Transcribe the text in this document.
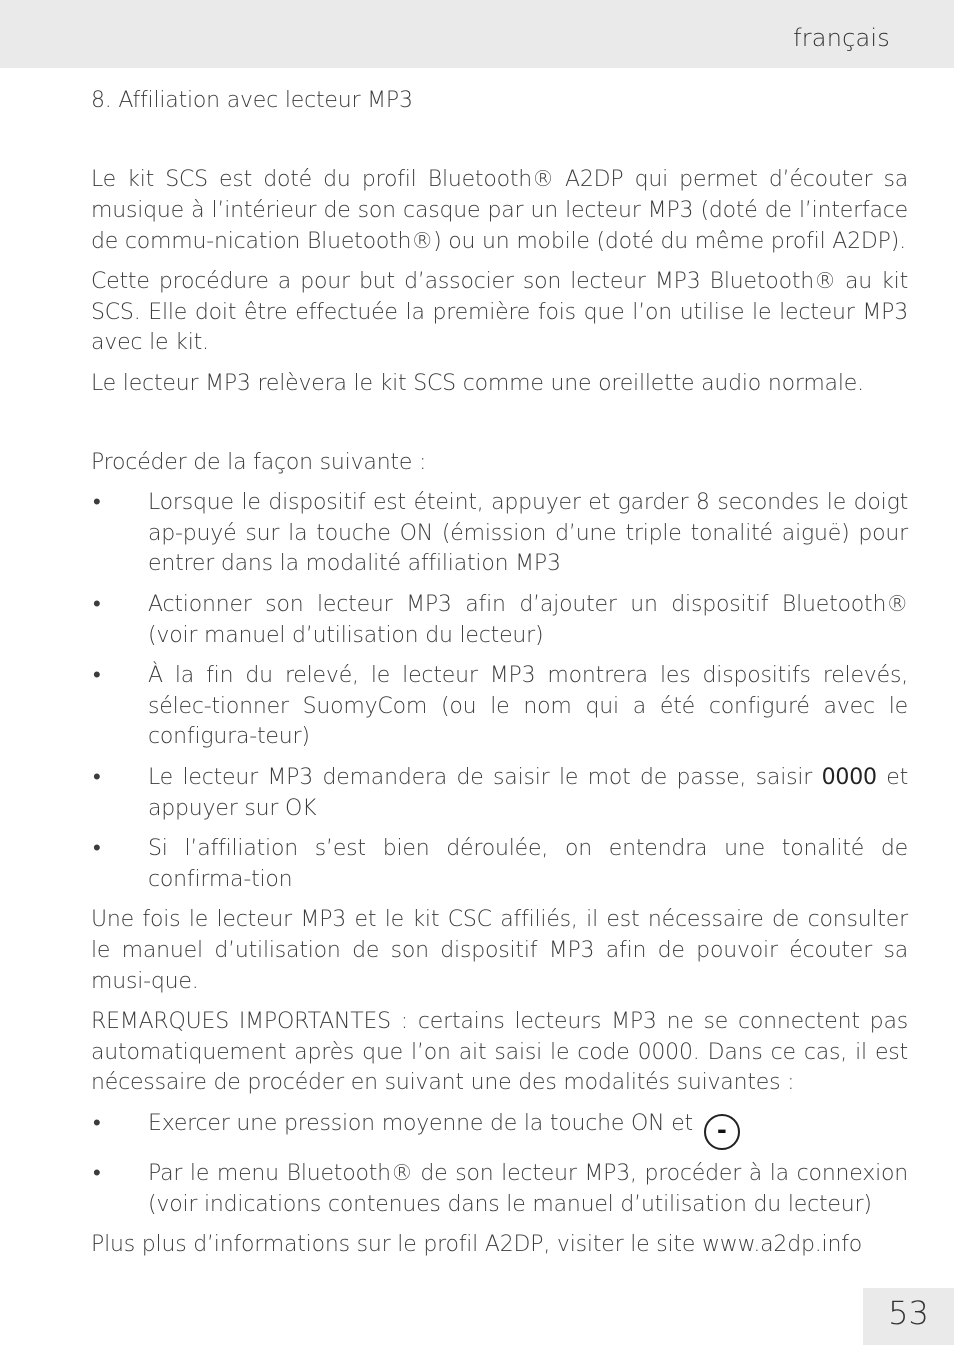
français
8. Affiliation avec lecteur MP3

Le kit SCS est doté du profil Bluetooth® A2DP qui permet d’écouter sa musique à l’intérieur de son casque par un lecteur MP3 (doté de l’interface de commu-nication Bluetooth®) ou un mobile (doté du même profil A2DP).

Cette procédure a pour but d’associer son lecteur MP3 Bluetooth® au kit SCS. Elle doit être effectuée la première fois que l’on utilise le lecteur MP3 avec le kit.

Le lecteur MP3 relèvera le kit SCS comme une oreillette audio normale.

Procéder de la façon suivante :

• Lorsque le dispositif est éteint, appuyer et garder 8 secondes le doigt ap-puyé sur la touche ON (émission d’une triple tonalité aiguë) pour entrer dans la modalité affiliation MP3
• Actionner son lecteur MP3 afin d’ajouter un dispositif Bluetooth® (voir manuel d’utilisation du lecteur)
• À la fin du relevé, le lecteur MP3 montrera les dispositifs relevés, sélec-tionner SuomyCom (ou le nom qui a été configuré avec le configura-teur)
• Le lecteur MP3 demandera de saisir le mot de passe, saisir 0000 et appuyer sur OK
• Si l’affiliation s’est bien déroulée, on entendra une tonalité de confirma-tion

Une fois le lecteur MP3 et le kit CSC affiliés, il est nécessaire de consulter le manuel d’utilisation de son dispositif MP3 afin de pouvoir écouter sa musi-que.

REMARQUES IMPORTANTES : certains lecteurs MP3 ne se connectent pas automatiquement après que l’on ait saisi le code 0000. Dans ce cas, il est nécessaire de procéder en suivant une des modalités suivantes :

• Exercer une pression moyenne de la touche ON et -
• Par le menu Bluetooth® de son lecteur MP3, procéder à la connexion (voir indications contenues dans le manuel d’utilisation du lecteur)

Plus plus d’informations sur le profil A2DP, visiter le site www.a2dp.info

53
